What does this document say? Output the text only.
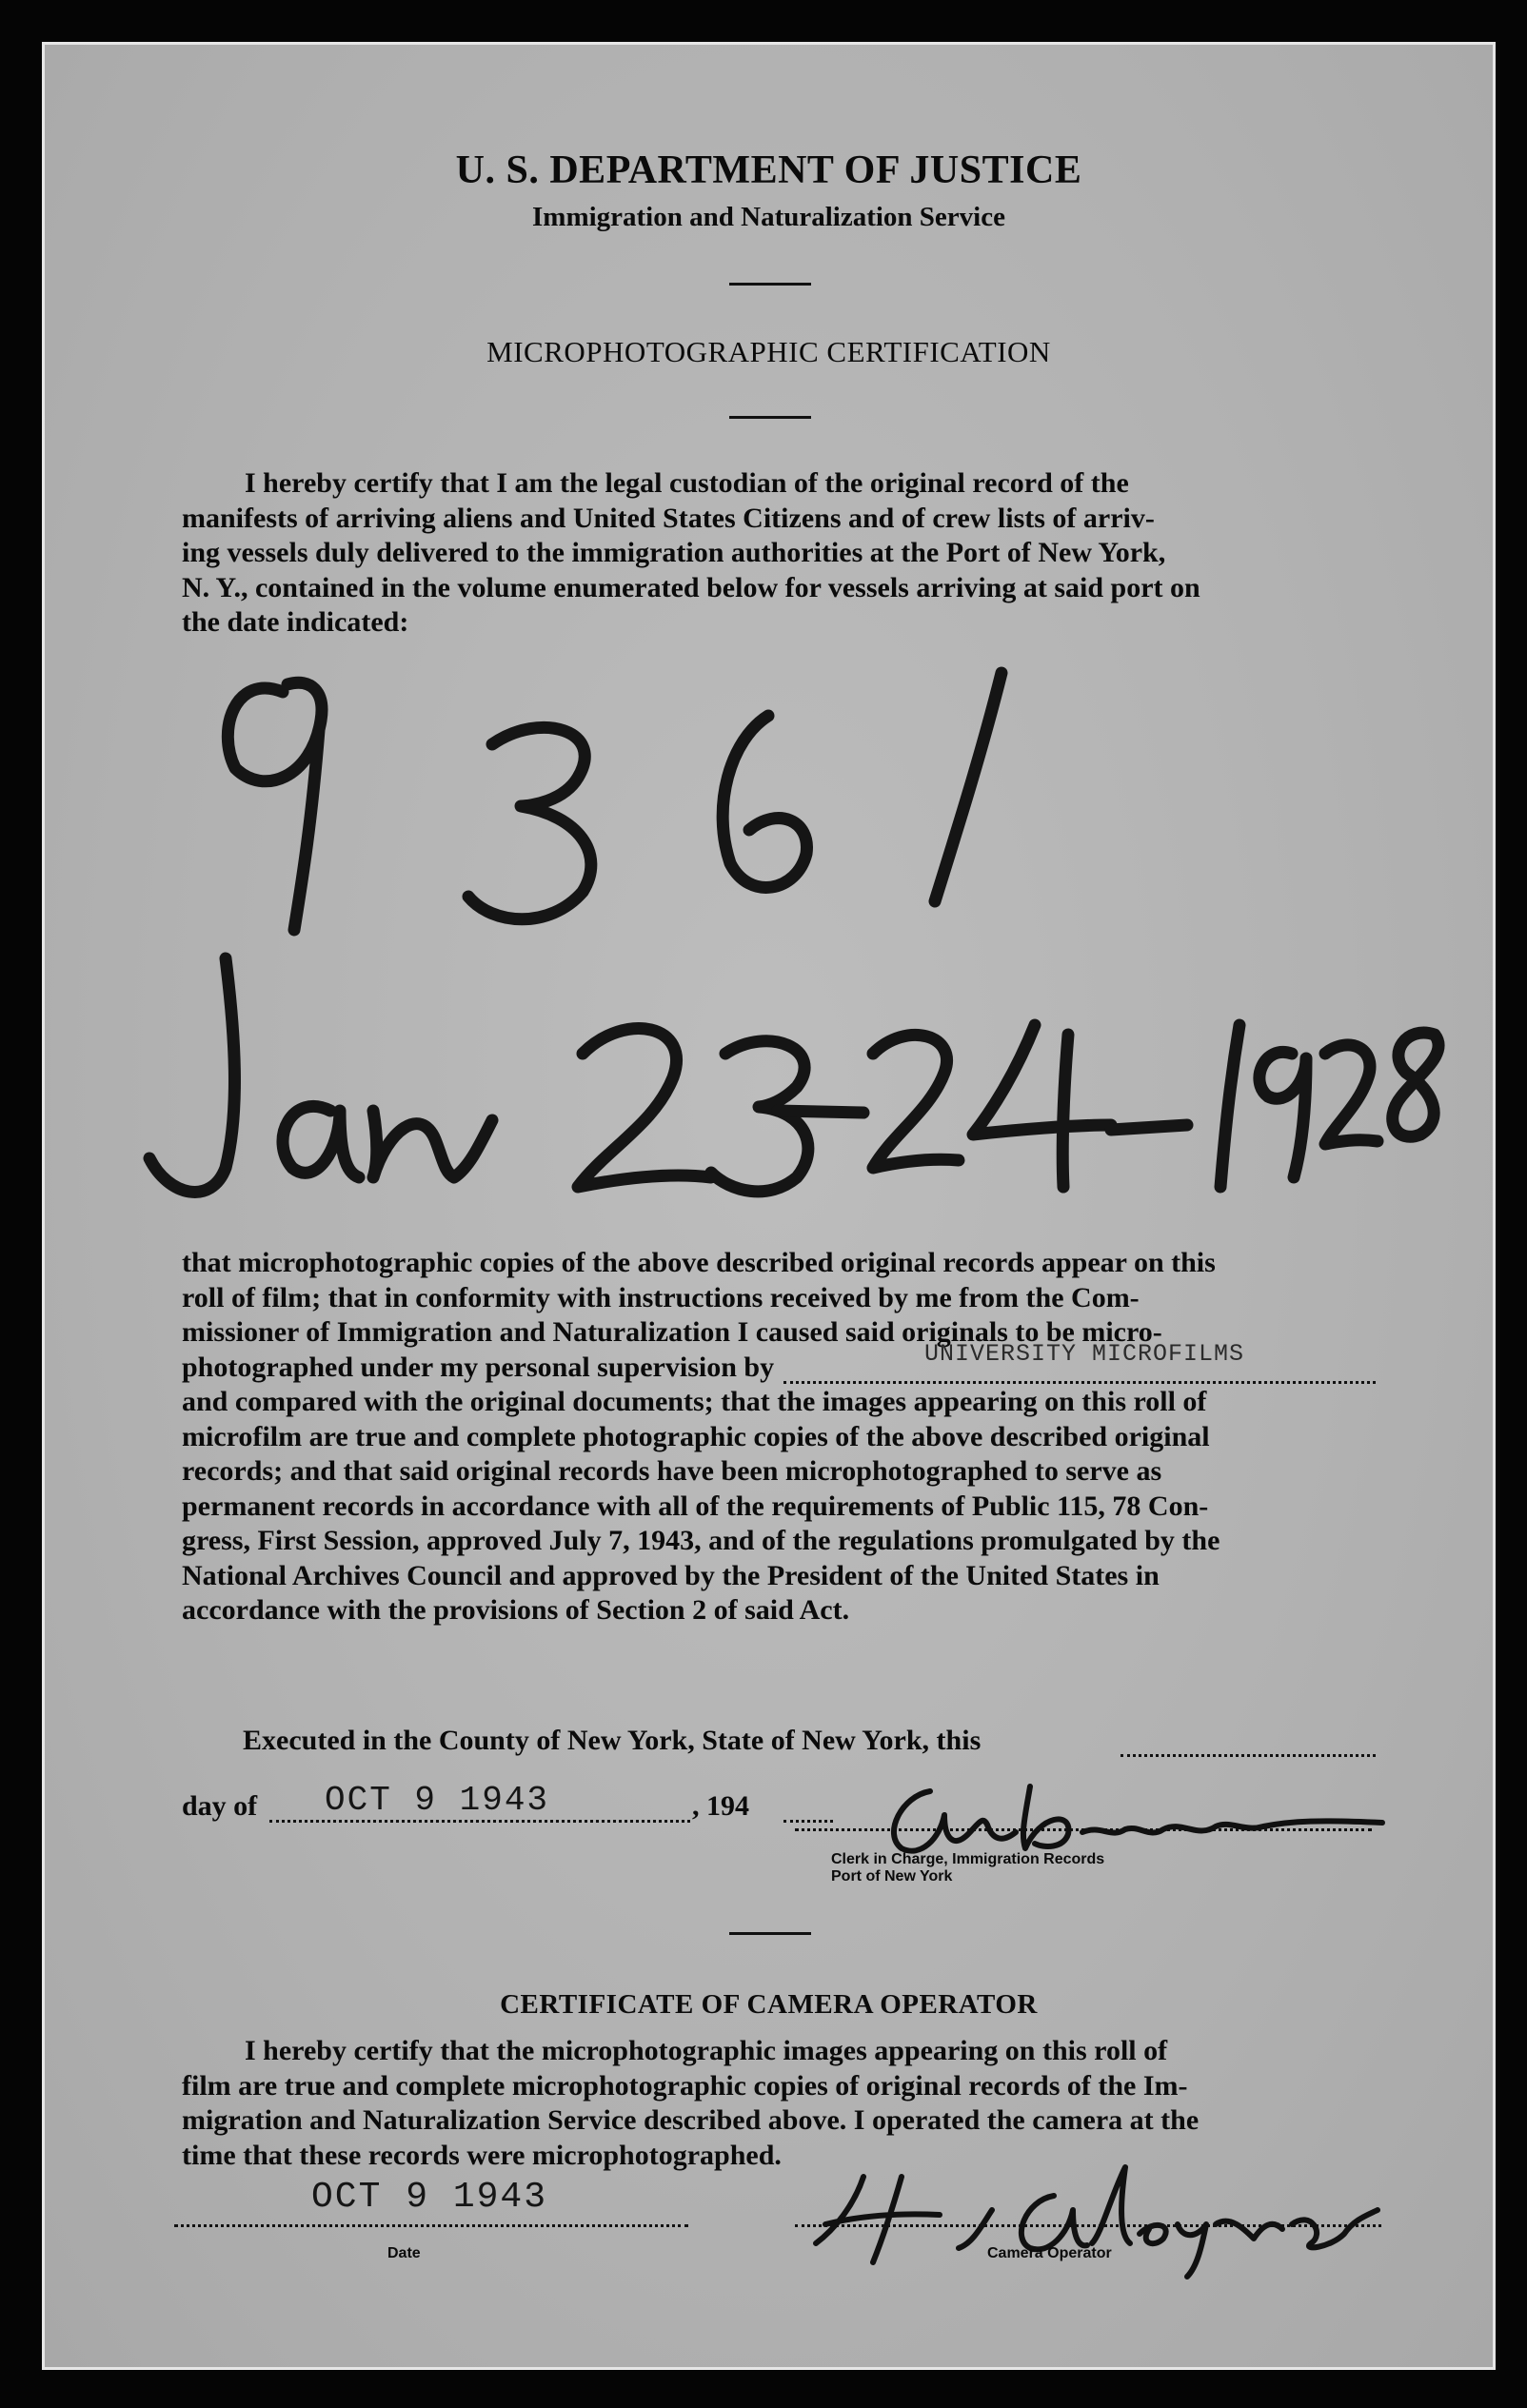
U. S. DEPARTMENT OF JUSTICE
Immigration and Naturalization Service
MICROPHOTOGRAPHIC CERTIFICATION

I hereby certify that I am the legal custodian of the original record of the

manifests of arriving aliens and United States Citizens and of crew lists of arriv-

ing vessels duly delivered to the immigration authorities at the Port of New York,

N. Y., contained in the volume enumerated below for vessels arriving at said port on

the date indicated:

that microphotographic copies of the above described original records appear on this

roll of film; that in conformity with instructions received by me from the Com-

missioner of Immigration and Naturalization I caused said originals to be micro-

photographed under my personal supervision by	UNIVERSITY MICROFILMS

and compared with the original documents; that the images appearing on this roll of

microfilm are true and complete photographic copies of the above described original

records; and that said original records have been microphotographed to serve as

permanent records in accordance with all of the requirements of Public 115, 78 Con-

gress, First Session, approved July 7, 1943, and of the regulations promulgated by the

National Archives Council and approved by the President of the United States in

accordance with the provisions of Section 2 of said Act.

Executed in the County of New York, State of New York, this
day of OCT 9 1943	, 194
Clerk in Charge, Immigration Records
Port of New York
CERTIFICATE OF CAMERA OPERATOR

I hereby certify that the microphotographic images appearing on this roll of

film are true and complete microphotographic copies of original records of the Im-

migration and Naturalization Service described above. I operated the camera at the

time that these records were microphotographed.

OCT 9 1943
Date	Camera Operator
